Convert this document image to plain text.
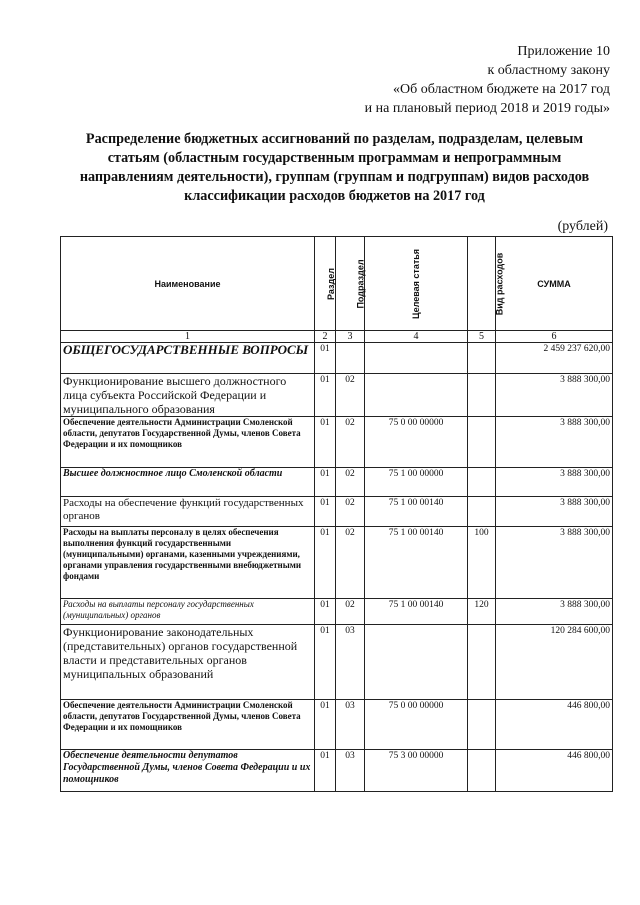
Приложение 10
к областному закону
«Об областном бюджете на 2017 год
и на плановый период 2018 и 2019 годы»
Распределение бюджетных ассигнований по разделам, подразделам, целевым статьям (областным государственным программам и непрограммным направлениям деятельности), группам (группам и подгруппам) видов расходов классификации расходов бюджетов на 2017 год
(рублей)
Наименование	Раздел	Подраздел	Целевая статья	Вид расходов	СУММА
1	2	3	4	5	6
ОБЩЕГОСУДАРСТВЕННЫЕ ВОПРОСЫ	01				2 459 237 620,00
Функционирование высшего должностного лица субъекта Российской Федерации и муниципального образования	01	02			3 888 300,00
Обеспечение деятельности Администрации Смоленской области, депутатов Государственной Думы, членов Совета Федерации и их помощников	01	02	75 0 00 00000		3 888 300,00
Высшее должностное лицо Смоленской области	01	02	75 1 00 00000		3 888 300,00
Расходы на обеспечение функций государственных органов	01	02	75 1 00 00140		3 888 300,00
Расходы на выплаты персоналу в целях обеспечения выполнения функций государственными (муниципальными) органами, казенными учреждениями, органами управления государственными внебюджетными фондами	01	02	75 1 00 00140	100	3 888 300,00
Расходы на выплаты персоналу государственных (муниципальных) органов	01	02	75 1 00 00140	120	3 888 300,00
Функционирование законодательных (представительных) органов государственной власти и представительных органов муниципальных образований	01	03			120 284 600,00
Обеспечение деятельности Администрации Смоленской области, депутатов Государственной Думы, членов Совета Федерации и их помощников	01	03	75 0 00 00000		446 800,00
Обеспечение деятельности депутатов Государственной Думы, членов Совета Федерации и их помощников	01	03	75 3 00 00000		446 800,00
